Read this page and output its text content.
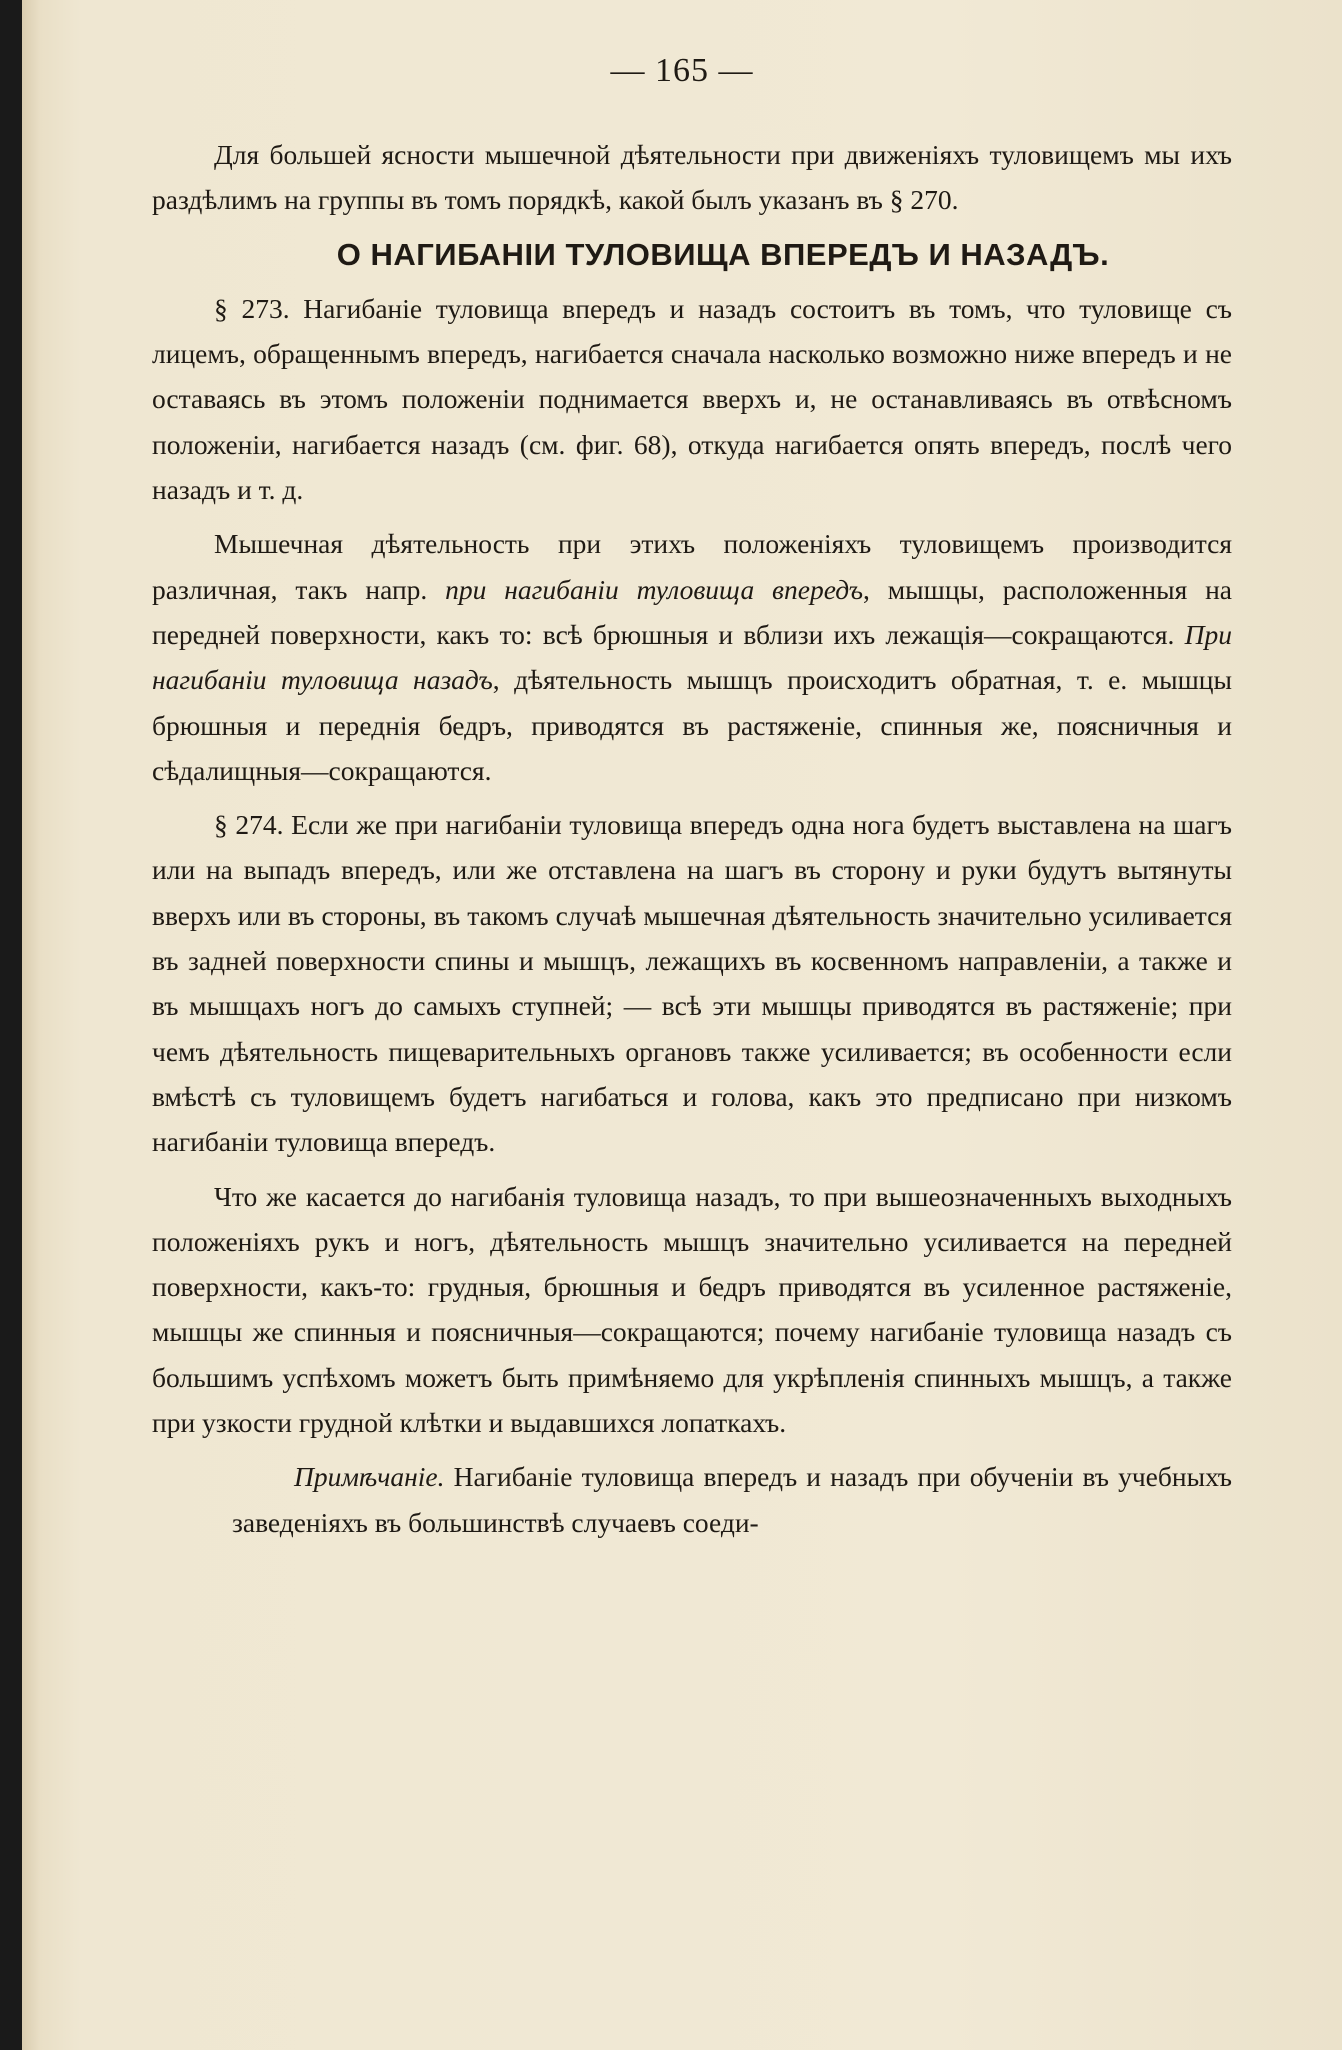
— 165 —

Для большей ясности мышечной дѣятельности при движеніяхъ туловищемъ мы ихъ раздѣлимъ на группы въ томъ порядкѣ, какой былъ указанъ въ § 270.

О НАГИБАНІИ ТУЛОВИЩА ВПЕРЕДЪ И НАЗАДЪ.

§ 273. Нагибаніе туловища впередъ и назадъ состоитъ въ томъ, что туловище съ лицемъ, обращеннымъ впередъ, нагибается сначала насколько возможно ниже впередъ и не оставаясь въ этомъ положеніи поднимается вверхъ и, не останавливаясь въ отвѣсномъ положеніи, нагибается назадъ (см. фиг. 68), откуда нагибается опять впередъ, послѣ чего назадъ и т. д.

Мышечная дѣятельность при этихъ положеніяхъ туловищемъ производится различная, такъ напр. при нагибаніи туловища впередъ, мышцы, расположенныя на передней поверхности, какъ то: всѣ брюшныя и вблизи ихъ лежащія—сокращаются. При нагибаніи туловища назадъ, дѣятельность мышцъ происходитъ обратная, т. е. мышцы брюшныя и переднія бедръ, приводятся въ растяженіе, спинныя же, поясничныя и сѣдалищныя—сокращаются.

§ 274. Если же при нагибаніи туловища впередъ одна нога будетъ выставлена на шагъ или на выпадъ впередъ, или же отставлена на шагъ въ сторону и руки будутъ вытянуты вверхъ или въ стороны, въ такомъ случаѣ мышечная дѣятельность значительно усиливается въ задней поверхности спины и мышцъ, лежащихъ въ косвенномъ направленіи, а также и въ мышцахъ ногъ до самыхъ ступней; — всѣ эти мышцы приводятся въ растяженіе; при чемъ дѣятельность пищеварительныхъ органовъ также усиливается; въ особенности если вмѣстѣ съ туловищемъ будетъ нагибаться и голова, какъ это предписано при низкомъ нагибаніи туловища впередъ.

Что же касается до нагибанія туловища назадъ, то при вышеозначенныхъ выходныхъ положеніяхъ рукъ и ногъ, дѣятельность мышцъ значительно усиливается на передней поверхности, какъ-то: грудныя, брюшныя и бедръ приводятся въ усиленное растяженіе, мышцы же спинныя и поясничныя—сокращаются; почему нагибаніе туловища назадъ съ большимъ успѣхомъ можетъ быть примѣняемо для укрѣпленія спинныхъ мышцъ, а также при узкости грудной клѣтки и выдавшихся лопаткахъ.

Примѣчаніе. Нагибаніе туловища впередъ и назадъ при обученіи въ учебныхъ заведеніяхъ въ большинствѣ случаевъ соеди-
